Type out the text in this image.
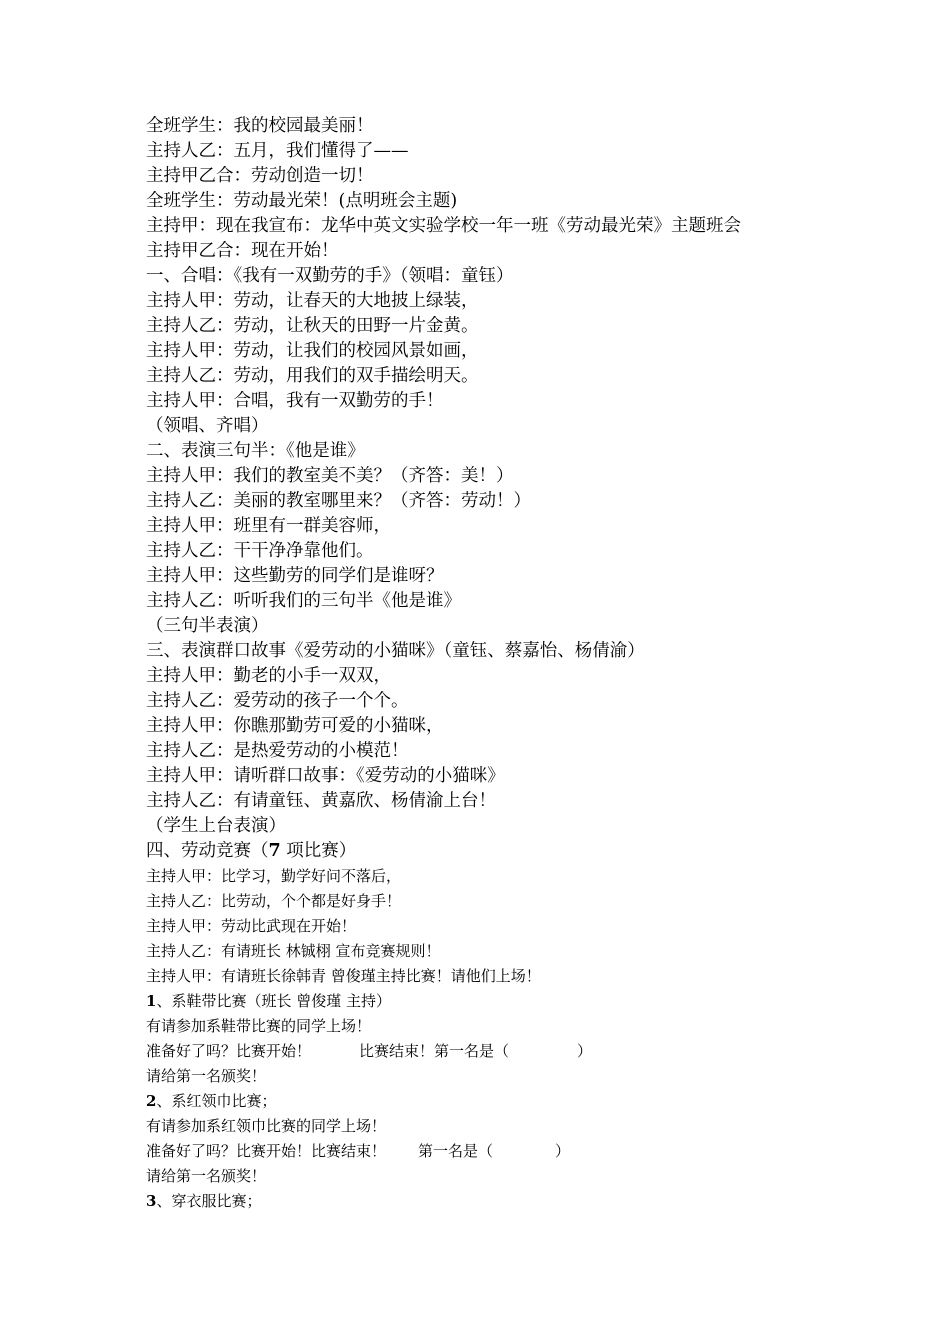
全班学生：我的校园最美丽！
主持人乙：五月，我们懂得了——
主持甲乙合：劳动创造一切！
全班学生：劳动最光荣！(点明班会主题)
主持甲：现在我宣布：龙华中英文实验学校一年一班《劳动最光荣》主题班会
主持甲乙合：现在开始！
一、合唱：《我有一双勤劳的手》（领唱：童钰）
主持人甲：劳动，让春天的大地披上绿装，
主持人乙：劳动，让秋天的田野一片金黄。
主持人甲：劳动，让我们的校园风景如画，
主持人乙：劳动，用我们的双手描绘明天。
主持人甲：合唱，我有一双勤劳的手！
（领唱、齐唱）
二、表演三句半：《他是谁》
主持人甲：我们的教室美不美？（齐答：美！）
主持人乙：美丽的教室哪里来？（齐答：劳动！）
主持人甲：班里有一群美容师，
主持人乙：干干净净靠他们。
主持人甲：这些勤劳的同学们是谁呀？
主持人乙：听听我们的三句半《他是谁》
（三句半表演）
三、表演群口故事《爱劳动的小猫咪》（童钰、蔡嘉怡、杨倩渝）
主持人甲：勤老的小手一双双，
主持人乙：爱劳动的孩子一个个。
主持人甲：你瞧那勤劳可爱的小猫咪，
主持人乙：是热爱劳动的小模范！
主持人甲：请听群口故事：《爱劳动的小猫咪》
主持人乙：有请童钰、黄嘉欣、杨倩渝上台！
（学生上台表演）
四、劳动竞赛（7 项比赛）
主持人甲：比学习，勤学好问不落后，
主持人乙：比劳动，个个都是好身手！
主持人甲：劳动比武现在开始！
主持人乙：有请班长 林铖栩 宣布竞赛规则！
主持人甲：有请班长徐韩青 曾俊瑾主持比赛！请他们上场！
1、系鞋带比赛（班长 曾俊瑾 主持）
有请参加系鞋带比赛的同学上场！
准备好了吗？比赛开始！	比赛结束！第一名是（	）
请给第一名颁奖！
2、系红领巾比赛；
有请参加系红领巾比赛的同学上场！
准备好了吗？比赛开始！比赛结束！ 第一名是（	）
请给第一名颁奖！
3、穿衣服比赛；
